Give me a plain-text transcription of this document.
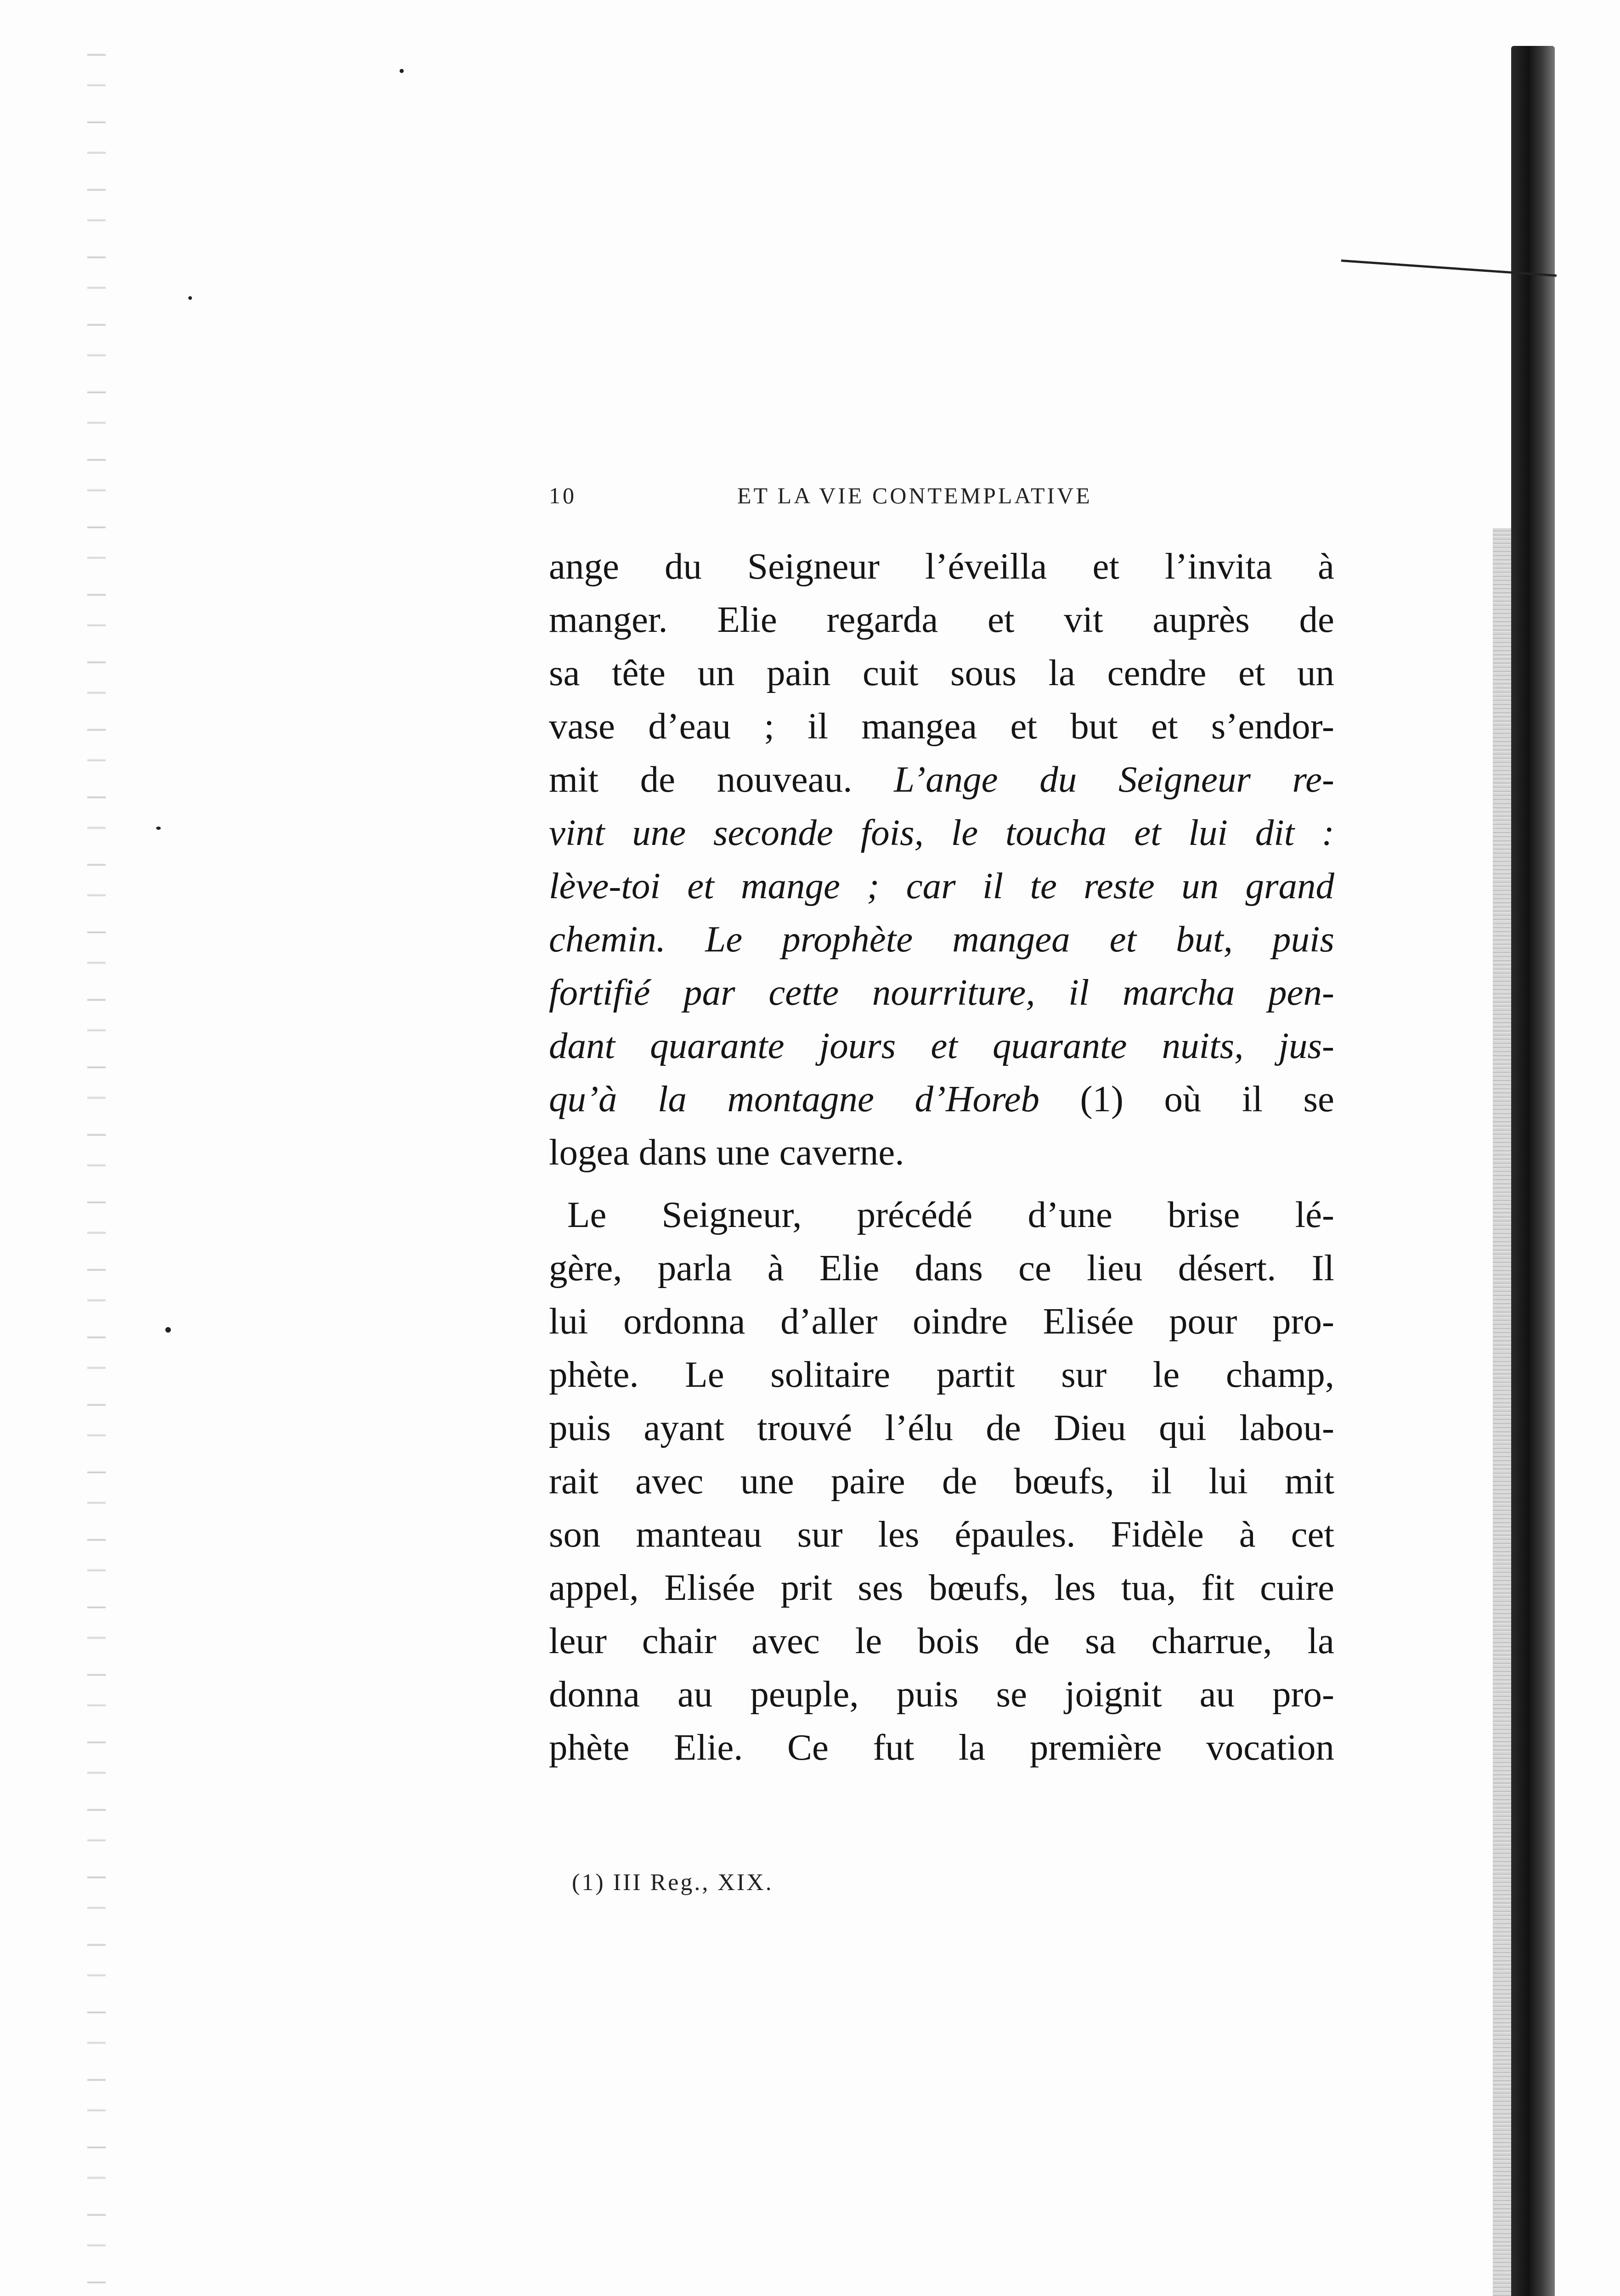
10	ET LA VIE CONTEMPLATIVE
ange du Seigneur l’éveilla et l’invita à
manger. Elie regarda et vit auprès de
sa tête un pain cuit sous la cendre et un
vase d’eau ; il mangea et but et s’endor-
mit de nouveau. L’ange du Seigneur re-
vint une seconde fois, le toucha et lui dit :
lève-toi et mange ; car il te reste un grand
chemin. Le prophète mangea et but, puis
fortifié par cette nourriture, il marcha pen-
dant quarante jours et quarante nuits, jus-
qu’à la montagne d’Horeb (1) où il se
logea dans une caverne.
Le Seigneur, précédé d’une brise lé-
gère, parla à Elie dans ce lieu désert. Il
lui ordonna d’aller oindre Elisée pour pro-
phète. Le solitaire partit sur le champ,
puis ayant trouvé l’élu de Dieu qui labou-
rait avec une paire de bœufs, il lui mit
son manteau sur les épaules. Fidèle à cet
appel, Elisée prit ses bœufs, les tua, fit cuire
leur chair avec le bois de sa charrue, la
donna au peuple, puis se joignit au pro-
phète Elie. Ce fut la première vocation
(1) III Reg., XIX.
